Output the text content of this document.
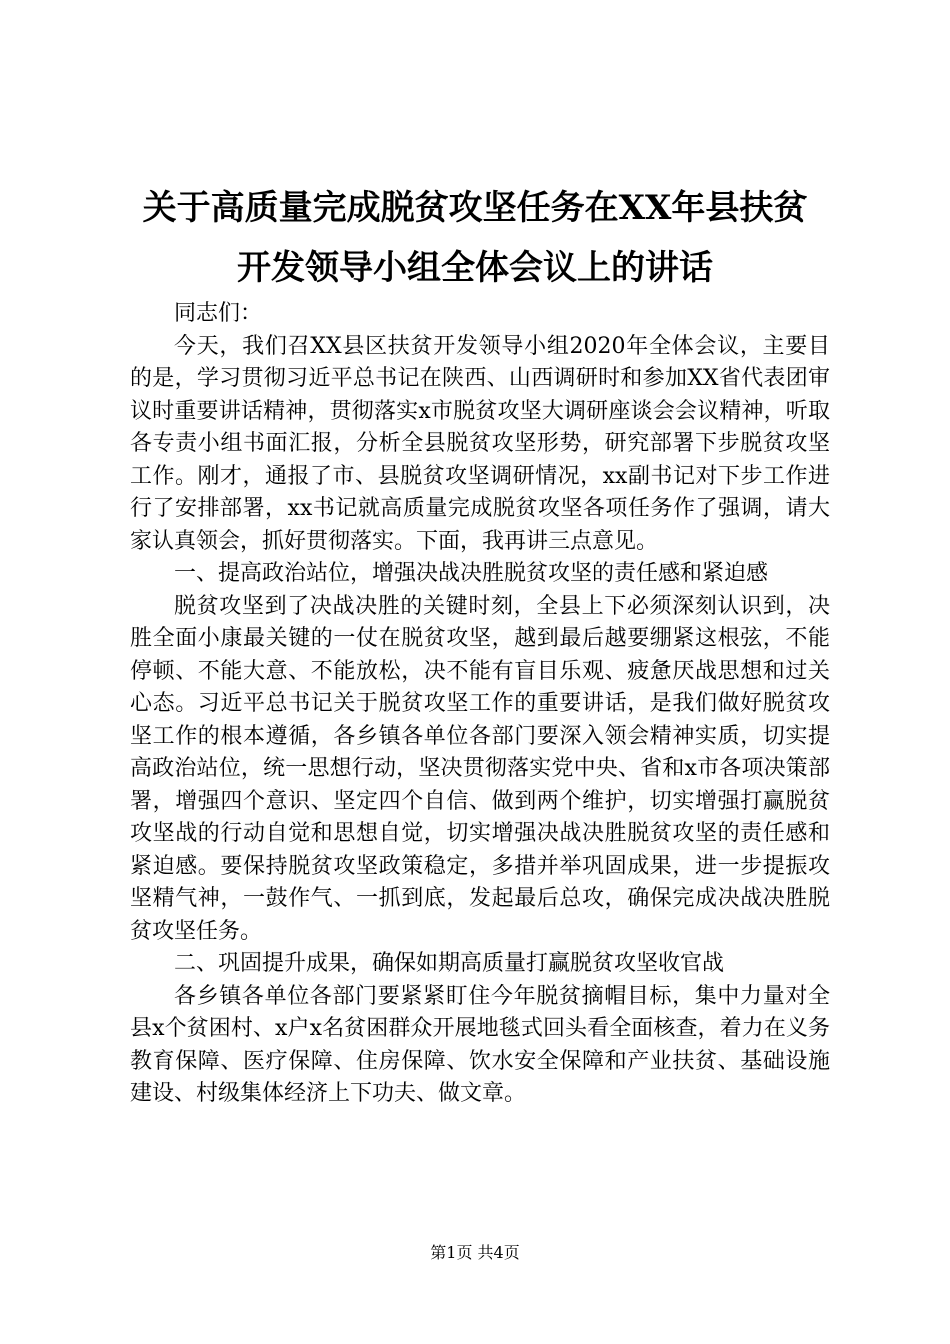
关于高质量完成脱贫攻坚任务在XX年县扶贫
开发领导小组全体会议上的讲话

同志们：

今天，我们召XX县区扶贫开发领导小组2020年全体会议，主要目的是，学习贯彻习近平总书记在陕西、山西调研时和参加XX省代表团审议时重要讲话精神，贯彻落实x市脱贫攻坚大调研座谈会会议精神，听取各专责小组书面汇报，分析全县脱贫攻坚形势，研究部署下步脱贫攻坚工作。刚才，通报了市、县脱贫攻坚调研情况，xx副书记对下步工作进行了安排部署，xx书记就高质量完成脱贫攻坚各项任务作了强调，请大家认真领会，抓好贯彻落实。下面，我再讲三点意见。

一、提高政治站位，增强决战决胜脱贫攻坚的责任感和紧迫感

脱贫攻坚到了决战决胜的关键时刻，全县上下必须深刻认识到，决胜全面小康最关键的一仗在脱贫攻坚，越到最后越要绷紧这根弦，不能停顿、不能大意、不能放松，决不能有盲目乐观、疲惫厌战思想和过关心态。习近平总书记关于脱贫攻坚工作的重要讲话，是我们做好脱贫攻坚工作的根本遵循，各乡镇各单位各部门要深入领会精神实质，切实提高政治站位，统一思想行动，坚决贯彻落实党中央、省和x市各项决策部署，增强四个意识、坚定四个自信、做到两个维护，切实增强打赢脱贫攻坚战的行动自觉和思想自觉，切实增强决战决胜脱贫攻坚的责任感和紧迫感。要保持脱贫攻坚政策稳定，多措并举巩固成果，进一步提振攻坚精气神，一鼓作气、一抓到底，发起最后总攻，确保完成决战决胜脱贫攻坚任务。

二、巩固提升成果，确保如期高质量打赢脱贫攻坚收官战

各乡镇各单位各部门要紧紧盯住今年脱贫摘帽目标，集中力量对全县x个贫困村、x户x名贫困群众开展地毯式回头看全面核查，着力在义务教育保障、医疗保障、住房保障、饮水安全保障和产业扶贫、基础设施建设、村级集体经济上下功夫、做文章。

第1页 共4页
